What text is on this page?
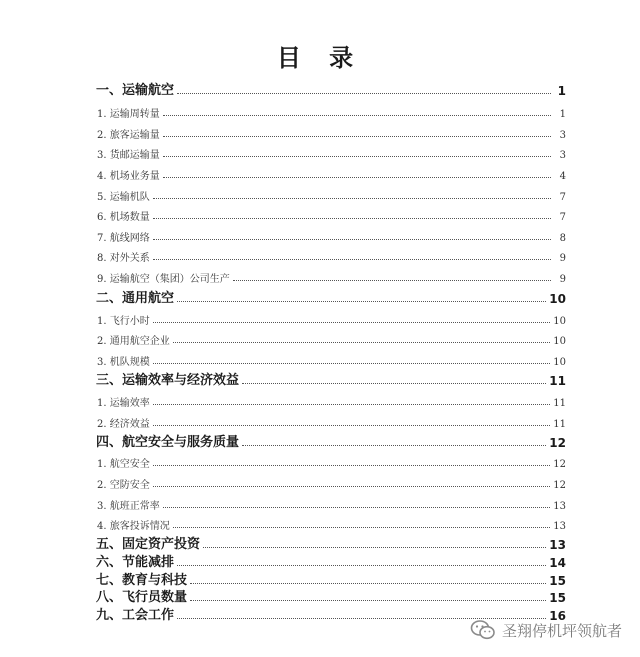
目 录
一、运输航空	1
1. 运输周转量	1
2. 旅客运输量	3
3. 货邮运输量	3
4. 机场业务量	4
5. 运输机队	7
6. 机场数量	7
7. 航线网络	8
8. 对外关系	9
9. 运输航空（集团）公司生产	9
二、通用航空	10
1. 飞行小时	10
2. 通用航空企业	10
3. 机队规模	10
三、运输效率与经济效益	11
1. 运输效率	11
2. 经济效益	11
四、航空安全与服务质量	12
1. 航空安全	12
2. 空防安全	12
3. 航班正常率	13
4. 旅客投诉情况	13
五、固定资产投资	13
六、节能减排	14
七、教育与科技	15
八、飞行员数量	15
九、工会工作	16
圣翔停机坪领航者
